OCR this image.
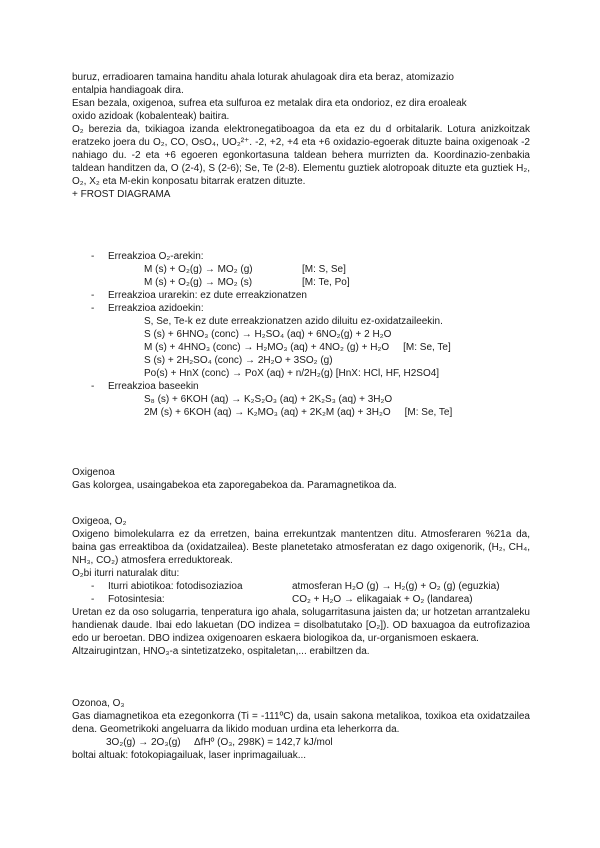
buruz, erradioaren tamaina handitu ahala loturak ahulagoak dira eta beraz, atomizazio
entalpia handiagoak dira.
Esan bezala, oxigenoa, sufrea eta sulfuroa ez metalak dira eta ondorioz, ez dira eroaleak
oxido azidoak (kobalenteak) baitira.
O₂ berezia da, txikiagoa izanda elektronegatiboagoa da eta ez du d orbitalarik. Lotura anizkoitzak eratzeko joera du O₂, CO, OsO₄, UO₂²⁺. -2, +2, +4 eta +6 oxidazio-egoerak dituzte baina oxigenoak -2 nahiago du. -2 eta +6 egoeren egonkortasuna taldean behera murrizten da. Koordinazio-zenbakia taldean handitzen da, O (2-4), S (2-6); Se, Te (2-8). Elementu guztiek alotropoak dituzte eta guztiek H₂, O₂, X₂ eta M-ekin konposatu bitarrak eratzen dituzte.
+ FROST DIAGRAMA
- Erreakzioa O₂-arekin:
M (s) + O₂(g) → MO₂ (g)	[M: S, Se]
M (s) + O₂(g) → MO₂ (s)	[M: Te, Po]
- Erreakzioa urarekin: ez dute erreakzionatzen
- Erreakzioa azidoekin:
S, Se, Te-k ez dute erreakzionatzen azido diluitu ez-oxidatzaileekin.
S (s) + 6HNO₃ (conc) → H₂SO₄ (aq) + 6NO₂(g) + 2 H₂O
M (s) + 4HNO₃ (conc) → H₂MO₃ (aq) + 4NO₂ (g) + H₂O [M: Se, Te]
S (s) + 2H₂SO₄ (conc) → 2H₂O + 3SO₂ (g)
Po(s) + HnX (conc) → PoX (aq) + n/2H₂(g) [HnX: HCl, HF, H2SO4]
- Erreakzioa baseekin
S₈ (s) + 6KOH (aq) → K₂S₂O₃ (aq) + 2K₂S₃ (aq) + 3H₂O
2M (s) + 6KOH (aq) → K₂MO₃ (aq) + 2K₂M (aq) + 3H₂O [M: Se, Te]
Oxigenoa
Gas kolorgea, usaingabekoa eta zaporegabekoa da. Paramagnetikoa da.
Oxigeoa, O₂
Oxigeno bimolekularra ez da erretzen, baina errekuntzak mantentzen ditu. Atmosferaren %21a da, baina gas erreaktiboa da (oxidatzailea). Beste planetetako atmosferatan ez dago oxigenorik, (H₂, CH₄, NH₃, CO₂) atmosfera erreduktoreak.
O₂bi iturri naturalak ditu:
- Iturri abiotikoa: fotodisoziazioa	atmosferan H₂O (g) → H₂(g) + O₂ (g) (eguzkia)
- Fotosintesia:	CO₂ + H₂O → elikagaiak + O₂ (landarea)
Uretan ez da oso solugarria, tenperatura igo ahala, solugarritasuna jaisten da; ur hotzetan arrantzaleku handienak daude. Ibai edo lakuetan (DO indizea = disolbatutako [O₂]). OD baxuagoa da eutrofizazioa edo ur beroetan. DBO indizea oxigenoaren eskaera biologikoa da, ur-organismoen eskaera.
Altzairugintzan, HNO₃-a sintetizatzeko, ospitaletan,... erabiltzen da.
Ozonoa, O₃
Gas diamagnetikoa eta ezegonkorra (Ti = -111ºC) da, usain sakona metalikoa, toxikoa eta oxidatzailea dena. Geometrikoki angeluarra da likido moduan urdina eta leherkorra da.
3O₂(g) → 2O₃(g) ΔfHº (O₃, 298K) = 142,7 kJ/mol
boltai altuak: fotokopiagailuak, laser inprimagailuak...
